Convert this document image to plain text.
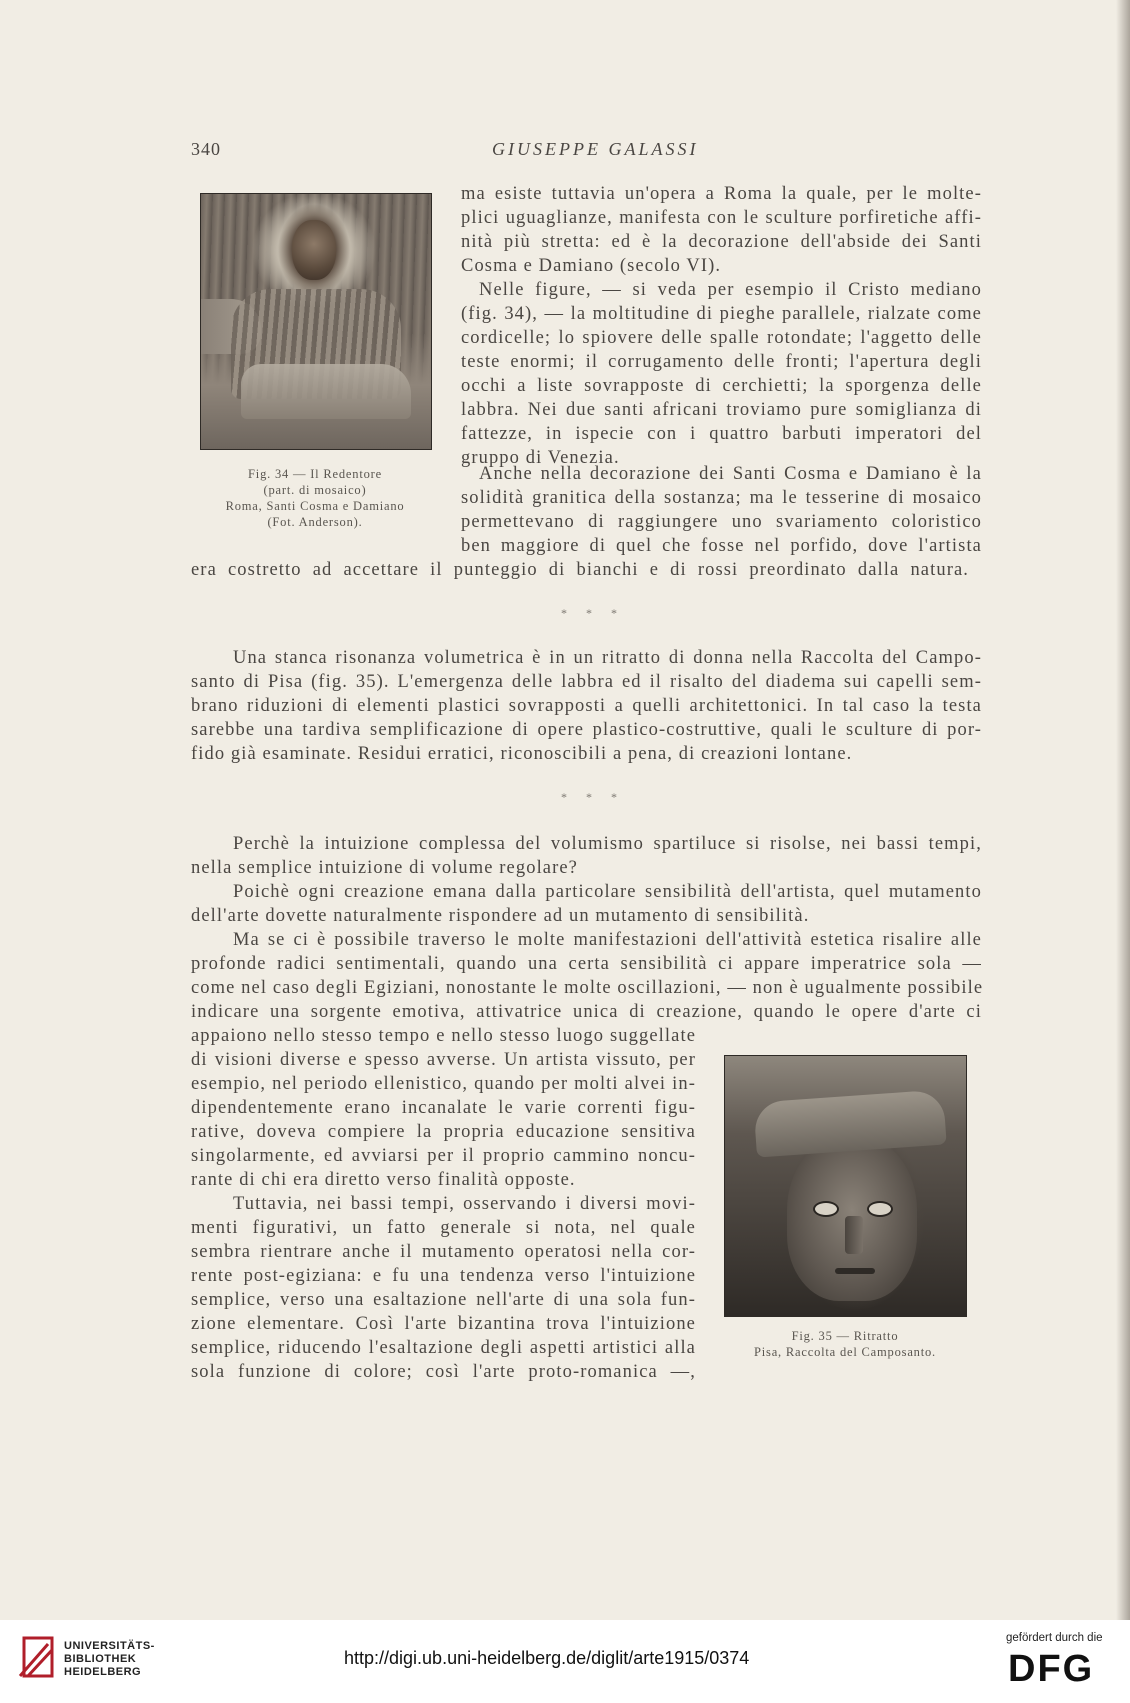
340	GIUSEPPE GALASSI
Fig. 34 — Il Redentore
(part. di mosaico)
Roma, Santi Cosma e Damiano
(Fot. Anderson).
ma esiste tuttavia un'opera a Roma la quale, per le molte-
plici uguaglianze, manifesta con le sculture porfiretiche affi-
nità più stretta: ed è la decorazione dell'abside dei Santi
Cosma e Damiano (secolo VI).
Nelle figure, — si veda per esempio il Cristo mediano
(fig. 34), — la moltitudine di pieghe parallele, rialzate come
cordicelle; lo spiovere delle spalle rotondate; l'aggetto delle
teste enormi; il corrugamento delle fronti; l'apertura degli
occhi a liste sovrapposte di cerchietti; la sporgenza delle
labbra. Nei due santi africani troviamo pure somiglianza di
fattezze, in ispecie con i quattro barbuti imperatori del
gruppo di Venezia.
Anche nella decorazione dei Santi Cosma e Damiano è la
solidità granitica della sostanza; ma le tesserine di mosaico
permettevano di raggiungere uno svariamento coloristico
ben maggiore di quel che fosse nel porfido, dove l'artista
era costretto ad accettare il punteggio di bianchi e di rossi preordinato dalla natura.
* * *
Una stanca risonanza volumetrica è in un ritratto di donna nella Raccolta del Campo-
santo di Pisa (fig. 35). L'emergenza delle labbra ed il risalto del diadema sui capelli sem-
brano riduzioni di elementi plastici sovrapposti a quelli architettonici. In tal caso la testa
sarebbe una tardiva semplificazione di opere plastico-costruttive, quali le sculture di por-
fido già esaminate. Residui erratici, riconoscibili a pena, di creazioni lontane.
* * *
Perchè la intuizione complessa del volumismo spartiluce si risolse, nei bassi tempi,
nella semplice intuizione di volume regolare?
Poichè ogni creazione emana dalla particolare sensibilità dell'artista, quel mutamento
dell'arte dovette naturalmente rispondere ad un mutamento di sensibilità.
Ma se ci è possibile traverso le molte manifestazioni dell'attività estetica risalire alle
profonde radici sentimentali, quando una certa sensibilità ci appare imperatrice sola —
come nel caso degli Egiziani, nonostante le molte oscillazioni, — non è ugualmente possibile
indicare una sorgente emotiva, attivatrice unica di creazione, quando le opere d'arte ci
appaiono nello stesso tempo e nello stesso luogo suggellate
di visioni diverse e spesso avverse. Un artista vissuto, per
esempio, nel periodo ellenistico, quando per molti alvei in-
dipendentemente erano incanalate le varie correnti figu-
rative, doveva compiere la propria educazione sensitiva
singolarmente, ed avviarsi per il proprio cammino noncu-
rante di chi era diretto verso finalità opposte.
Tuttavia, nei bassi tempi, osservando i diversi movi-
menti figurativi, un fatto generale si nota, nel quale
sembra rientrare anche il mutamento operatosi nella cor-
rente post-egiziana: e fu una tendenza verso l'intuizione
semplice, verso una esaltazione nell'arte di una sola fun-
zione elementare. Così l'arte bizantina trova l'intuizione
semplice, riducendo l'esaltazione degli aspetti artistici alla
sola funzione di colore; così l'arte proto-romanica —,
Fig. 35 — Ritratto
Pisa, Raccolta del Camposanto.
UNIVERSITÄTS-
BIBLIOTHEK
HEIDELBERG
http://digi.ub.uni-heidelberg.de/diglit/arte1915/0374
gefördert durch die
DFG
